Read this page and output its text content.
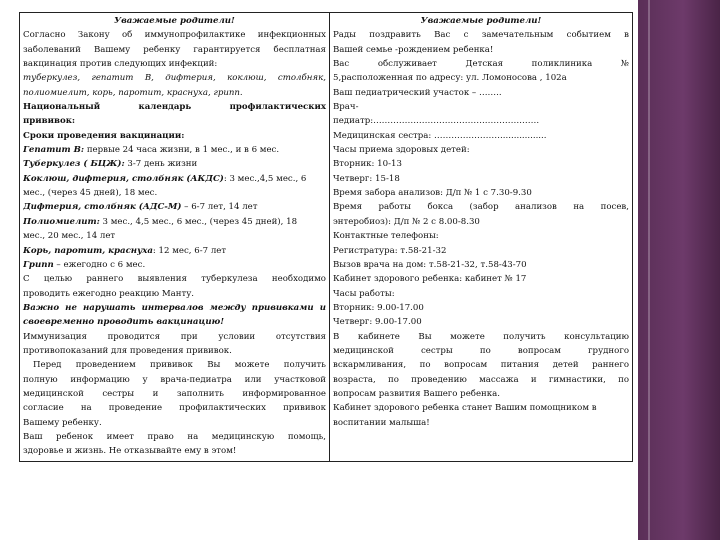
Уважаемые родители!
Согласно Закону об иммунопрофилактике инфекционных
заболеваний Вашему ребенку гарантируется бесплатная
вакцинация против следующих инфекций:
туберкулез, гепатит В, дифтерия, коклюш, столбняк,
полиомиелит, корь, паротит, краснуха, грипп.
Национальный календарь профилактических
прививок:
Сроки проведения вакцинации:
Гепатит В: первые 24 часа жизни, в 1 мес., и в 6 мес.
Туберкулез ( БЦЖ): 3-7 день жизни
Коклюш, дифтерия, столбняк (АКДС): 3 мес.,4,5 мес., 6
мес., (через 45 дней), 18 мес.
Дифтерия, столбняк (АДС-М) – 6-7 лет, 14 лет
Полиомиелит: 3 мес., 4,5 мес., 6 мес., (через 45 дней), 18
мес., 20 мес., 14 лет
Корь, паротит, краснуха: 12 мес, 6-7 лет
Грипп – ежегодно с 6 мес.
С целью раннего выявления туберкулеза необходимо
проводить ежегодно реакцию Манту.
Важно не нарушать интервалов между прививками и
своевременно проводить вакцинацию!
Иммунизация проводится при условии отсутствия
противопоказаний для проведения прививок.
Перед проведением прививок Вы можете получить
полную информацию у врача-педиатра или участковой
медицинской сестры и заполнить информированное
согласие на проведение профилактических прививок
Вашему ребенку.
Ваш ребенок имеет право на медицинскую помощь,
здоровье и жизнь. Не отказывайте ему в этом!
Уважаемые родители!
Рады поздравить Вас с замечательным событием в
Вашей семье -рождением ребенка!
Вас обслуживает Детская поликлиника №
5,расположенная по адресу: ул. Ломоносова , 102а
Ваш педиатрический участок – ……..
Врач-
педиатр:………………………………………………….
Медицинская сестра: ……………………................
Часы приема здоровых детей:
Вторник: 10-13
Четверг: 15-18
Время забора анализов: Д/п № 1 с 7.30-9.30
Время работы бокса (забор анализов на посев,
энтеробиоз): Д/п № 2 с 8.00-8.30
Контактные телефоны:
Регистратура: т.58-21-32
Вызов врача на дом: т.58-21-32, т.58-43-70
Кабинет здорового ребенка: кабинет № 17
Часы работы:
Вторник: 9.00-17.00
Четверг: 9.00-17.00
В кабинете Вы можете получить консультацию
медицинской сестры по вопросам грудного
вскармливания, по вопросам питания детей раннего
возраста, по проведению массажа и гимнастики, по
вопросам развития Вашего ребенка.
Кабинет здорового ребенка станет Вашим помощником в
воспитании малыша!
